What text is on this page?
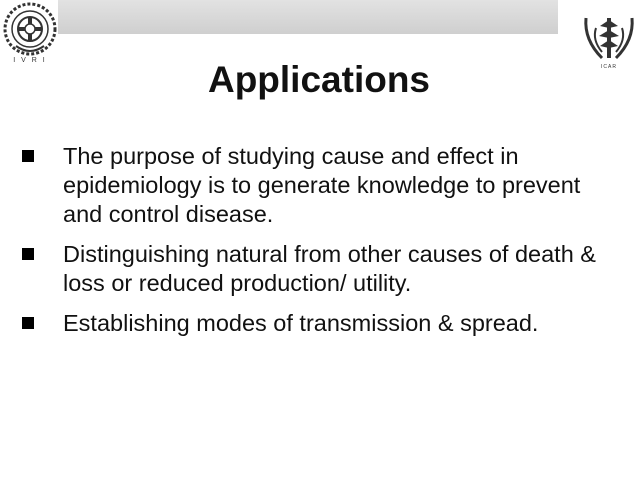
I V R I
ICAR
Applications
The purpose of studying cause and effect in epidemiology is to generate knowledge to prevent and control disease.
Distinguishing natural from other causes of death & loss or reduced production/ utility.
Establishing modes of transmission & spread.
